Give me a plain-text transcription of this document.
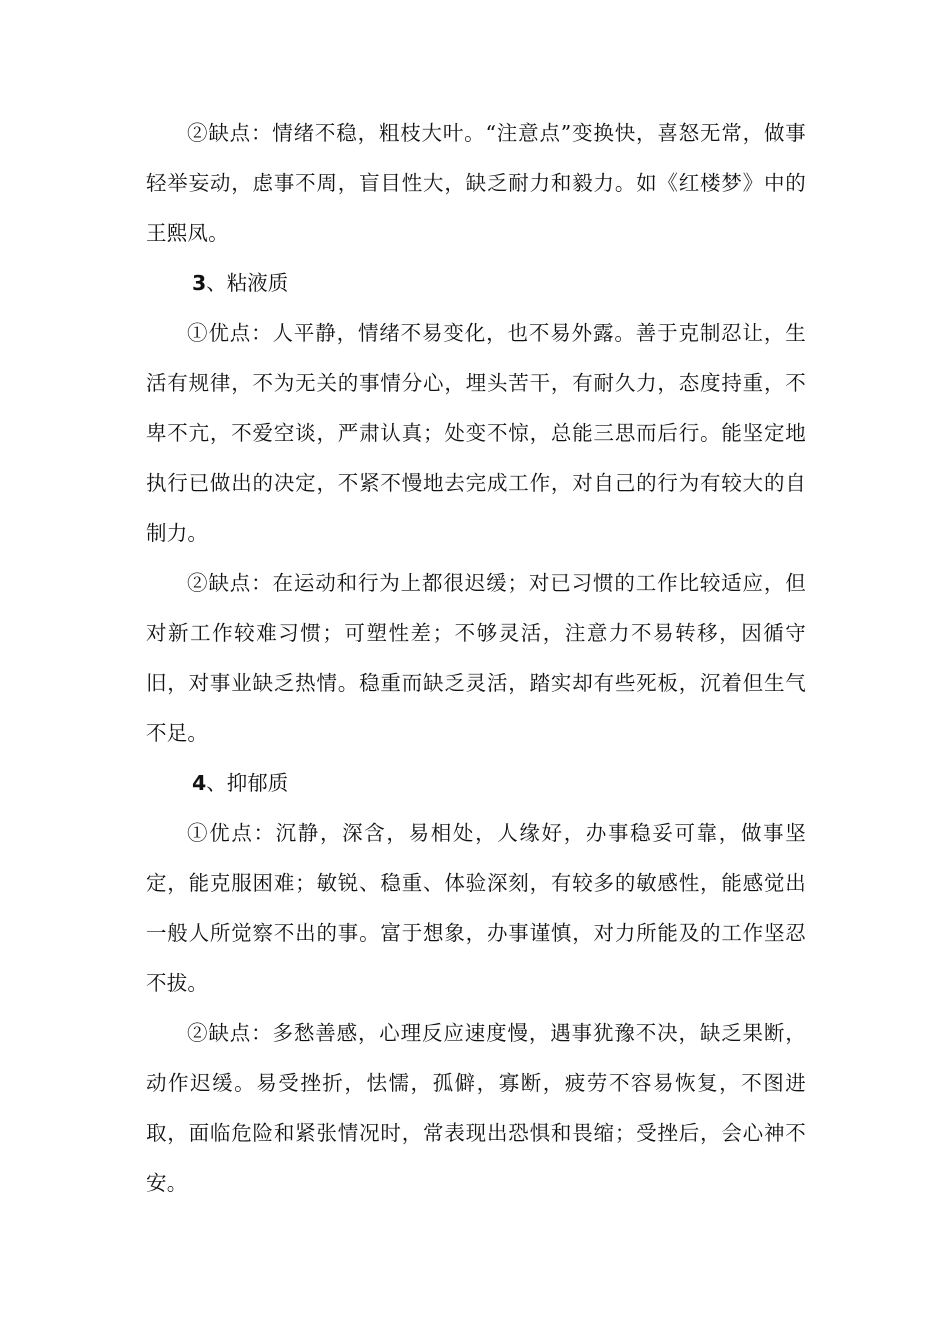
②缺点：情绪不稳，粗枝大叶。“注意点”变换快，喜怒无常，做事轻举妄动，虑事不周，盲目性大，缺乏耐力和毅力。如《红楼梦》中的王熙凤。

3、粘液质

①优点：人平静，情绪不易变化，也不易外露。善于克制忍让，生活有规律，不为无关的事情分心，埋头苦干，有耐久力，态度持重，不卑不亢，不爱空谈，严肃认真；处变不惊，总能三思而后行。能坚定地执行已做出的决定，不紧不慢地去完成工作，对自己的行为有较大的自制力。

②缺点：在运动和行为上都很迟缓；对已习惯的工作比较适应，但对新工作较难习惯；可塑性差；不够灵活，注意力不易转移，因循守旧，对事业缺乏热情。稳重而缺乏灵活，踏实却有些死板，沉着但生气不足。

4、抑郁质

①优点：沉静，深含，易相处，人缘好，办事稳妥可靠，做事坚定，能克服困难；敏锐、稳重、体验深刻，有较多的敏感性，能感觉出一般人所觉察不出的事。富于想象，办事谨慎，对力所能及的工作坚忍不拔。

②缺点：多愁善感，心理反应速度慢，遇事犹豫不决，缺乏果断，动作迟缓。易受挫折，怯懦，孤僻，寡断，疲劳不容易恢复，不图进取，面临危险和紧张情况时，常表现出恐惧和畏缩；受挫后，会心神不安。
